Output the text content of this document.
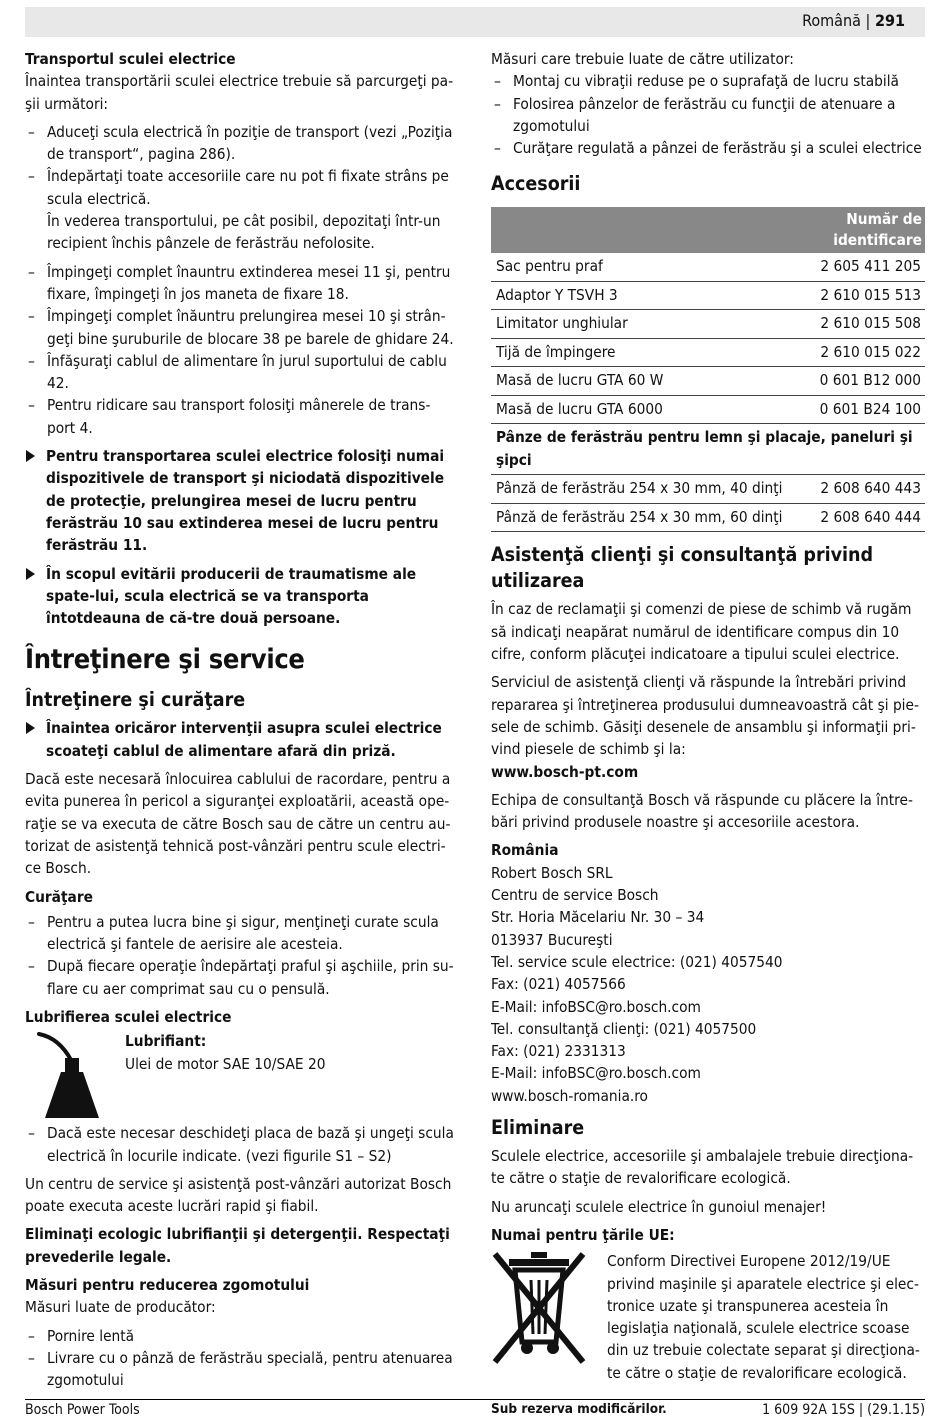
Română | 291

Transportul sculei electrice

Înaintea transportării sculei electrice trebuie să parcurgeţi pa-şii următori:

– Aduceţi scula electrică în poziţie de transport (vezi „Poziţia de transport“, pagina 286).

– Îndepărtaţi toate accesoriile care nu pot fi fixate strâns pe scula electrică.

În vederea transportului, pe cât posibil, depozitaţi într-un recipient închis pânzele de ferăstrău nefolosite.

– Împingeţi complet înauntru extinderea mesei 11 şi, pentru fixare, împingeţi în jos maneta de fixare 18.

– Împingeţi complet înăuntru prelungirea mesei 10 şi strân-geţi bine şuruburile de blocare 38 pe barele de ghidare 24.

– Înfăşuraţi cablul de alimentare în jurul suportului de cablu 42.

– Pentru ridicare sau transport folosiţi mânerele de trans-port 4.

Pentru transportarea sculei electrice folosiţi numai dispozitivele de transport şi niciodată dispozitivele de protecţie, prelungirea mesei de lucru pentru ferăstrău 10 sau extinderea mesei de lucru pentru ferăstrău 11.

În scopul evitării producerii de traumatisme ale spate-lui, scula electrică se va transporta întotdeauna de că-tre două persoane.

Întreţinere şi service

Întreţinere şi curăţare

Înaintea oricăror intervenţii asupra sculei electrice scoateţi cablul de alimentare afară din priză.

Dacă este necesară înlocuirea cablului de racordare, pentru a evita punerea în pericol a siguranţei exploatării, această ope-raţie se va executa de către Bosch sau de către un centru au-torizat de asistenţă tehnică post-vânzări pentru scule electri-ce Bosch.

Curăţare

– Pentru a putea lucra bine şi sigur, menţineţi curate scula electrică şi fantele de aerisire ale acesteia.

– După fiecare operaţie îndepărtaţi praful şi aşchiile, prin su-flare cu aer comprimat sau cu o pensulă.

Lubrifierea sculei electrice

Lubrifiant:

Ulei de motor SAE 10/SAE 20

– Dacă este necesar deschideţi placa de bază şi ungeţi scula electrică în locurile indicate. (vezi figurile S1 – S2)

Un centru de service şi asistenţă post-vânzări autorizat Bosch poate executa aceste lucrări rapid şi fiabil.

Eliminaţi ecologic lubrifianţii şi detergenţii. Respectaţi prevederile legale.

Măsuri pentru reducerea zgomotului

Măsuri luate de producător:

– Pornire lentă

– Livrare cu o pânză de ferăstrău specială, pentru atenuarea zgomotului

Măsuri care trebuie luate de către utilizator:

– Montaj cu vibraţii reduse pe o suprafaţă de lucru stabilă

– Folosirea pânzelor de ferăstrău cu funcţii de atenuare a zgomotului

– Curăţare regulată a pânzei de ferăstrău şi a sculei electrice

Accesorii

Număr de identificare	
Sac pentru praf	2 605 411 205
Adaptor Y TSVH 3	2 610 015 513
Limitator unghiular	2 610 015 508
Tijă de împingere	2 610 015 022
Masă de lucru GTA 60 W	0 601 B12 000
Masă de lucru GTA 6000	0 601 B24 100
Pânze de ferăstrău pentru lemn şi placaje, paneluri şi şipci	
Pânză de ferăstrău 254 x 30 mm, 40 dinţi	2 608 640 443
Pânză de ferăstrău 254 x 30 mm, 60 dinţi	2 608 640 444

Asistenţă clienţi şi consultanţă privind utilizarea

În caz de reclamaţii şi comenzi de piese de schimb vă rugăm să indicaţi neapărat numărul de identificare compus din 10 cifre, conform plăcuţei indicatoare a tipului sculei electrice.

Serviciul de asistenţă clienţi vă răspunde la întrebări privind repararea şi întreţinerea produsului dumneavoastră cât şi pie-sele de schimb. Găsiţi desenele de ansamblu şi informaţii pri-vind piesele de schimb şi la:

www.bosch-pt.com

Echipa de consultanţă Bosch vă răspunde cu plăcere la între-bări privind produsele noastre şi accesoriile acestora.

România

Robert Bosch SRL

Centru de service Bosch

Str. Horia Măcelariu Nr. 30 – 34

013937 Bucureşti

Tel. service scule electrice: (021) 4057540

Fax: (021) 4057566

E-Mail: infoBSC@ro.bosch.com

Tel. consultanţă clienţi: (021) 4057500

Fax: (021) 2331313

E-Mail: infoBSC@ro.bosch.com

www.bosch-romania.ro

Eliminare

Sculele electrice, accesoriile şi ambalajele trebuie direcţiona-te către o staţie de revalorificare ecologică.

Nu aruncaţi sculele electrice în gunoiul menajer!

Numai pentru ţările UE:

Conform Directivei Europene 2012/19/UE privind maşinile şi aparatele electrice şi elec-tronice uzate şi transpunerea acesteia în legislaţia naţională, sculele electrice scoase din uz trebuie colectate separat şi direcţiona-te către o staţie de revalorificare ecologică.

Sub rezerva modificărilor.

Bosch Power Tools	1 609 92A 15S | (29.1.15)
